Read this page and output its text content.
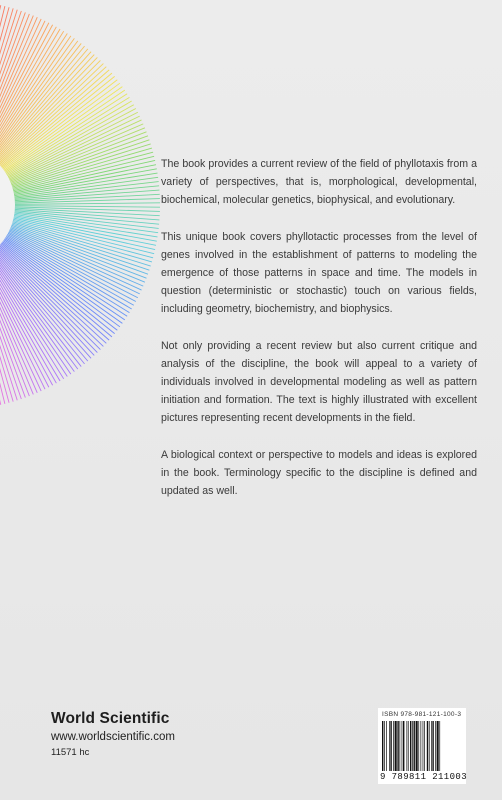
The book provides a current review of the field of phyllotaxis from a variety of perspectives, that is, morphological, developmental, biochemical, molecular genetics, biophysical, and evolutionary.

This unique book covers phyllotactic processes from the level of genes involved in the establishment of patterns to modeling the emergence of those patterns in space and time. The models in question (deterministic or stochastic) touch on various fields, including geometry, biochemistry, and biophysics.

Not only providing a recent review but also current critique and analysis of the discipline, the book will appeal to a variety of individuals involved in developmental modeling as well as pattern initiation and formation. The text is highly illustrated with excellent pictures representing recent developments in the field.

A biological context or perspective to models and ideas is explored in the book. Terminology specific to the discipline is defined and updated as well.

World Scientific
www.worldscientific.com
11571 hc
ISBN 978-981-121-100-3
9 789811 211003
